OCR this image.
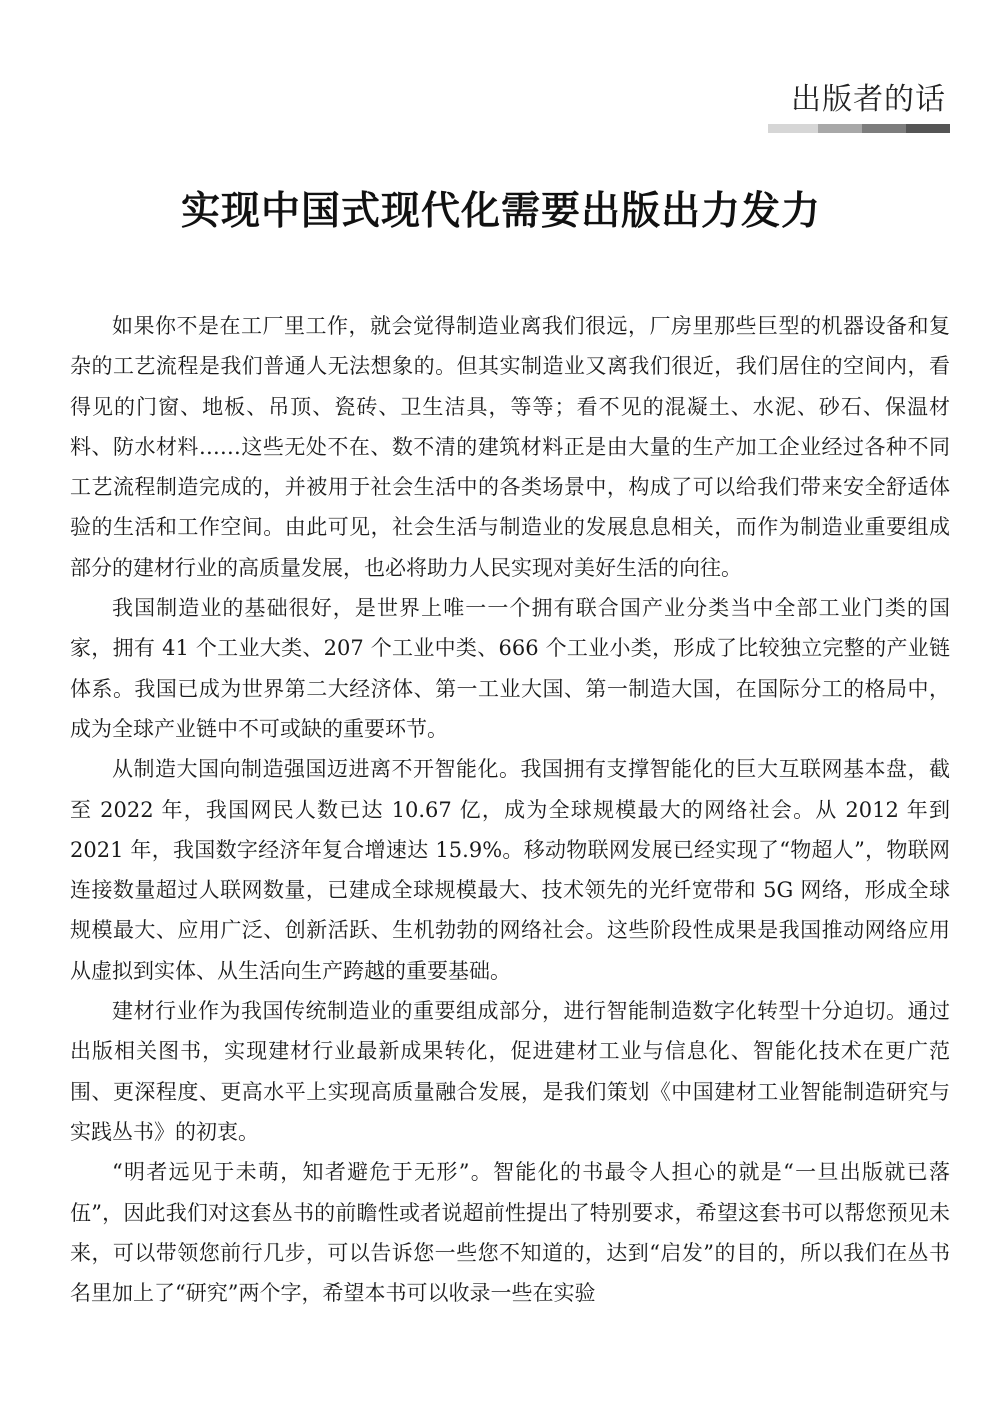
出版者的话
实现中国式现代化需要出版出力发力

如果你不是在工厂里工作，就会觉得制造业离我们很远，厂房里那些巨型的机器设备和复杂的工艺流程是我们普通人无法想象的。但其实制造业又离我们很近，我们居住的空间内，看得见的门窗、地板、吊顶、瓷砖、卫生洁具，等等；看不见的混凝土、水泥、砂石、保温材料、防水材料……这些无处不在、数不清的建筑材料正是由大量的生产加工企业经过各种不同工艺流程制造完成的，并被用于社会生活中的各类场景中，构成了可以给我们带来安全舒适体验的生活和工作空间。由此可见，社会生活与制造业的发展息息相关，而作为制造业重要组成部分的建材行业的高质量发展，也必将助力人民实现对美好生活的向往。

我国制造业的基础很好，是世界上唯一一个拥有联合国产业分类当中全部工业门类的国家，拥有 41 个工业大类、207 个工业中类、666 个工业小类，形成了比较独立完整的产业链体系。我国已成为世界第二大经济体、第一工业大国、第一制造大国，在国际分工的格局中，成为全球产业链中不可或缺的重要环节。

从制造大国向制造强国迈进离不开智能化。我国拥有支撑智能化的巨大互联网基本盘，截至 2022 年，我国网民人数已达 10.67 亿，成为全球规模最大的网络社会。从 2012 年到 2021 年，我国数字经济年复合增速达 15.9%。移动物联网发展已经实现了“物超人”，物联网连接数量超过人联网数量，已建成全球规模最大、技术领先的光纤宽带和 5G 网络，形成全球规模最大、应用广泛、创新活跃、生机勃勃的网络社会。这些阶段性成果是我国推动网络应用从虚拟到实体、从生活向生产跨越的重要基础。

建材行业作为我国传统制造业的重要组成部分，进行智能制造数字化转型十分迫切。通过出版相关图书，实现建材行业最新成果转化，促进建材工业与信息化、智能化技术在更广范围、更深程度、更高水平上实现高质量融合发展，是我们策划《中国建材工业智能制造研究与实践丛书》的初衷。

“明者远见于未萌，知者避危于无形”。智能化的书最令人担心的就是“一旦出版就已落伍”，因此我们对这套丛书的前瞻性或者说超前性提出了特别要求，希望这套书可以帮您预见未来，可以带领您前行几步，可以告诉您一些您不知道的，达到“启发”的目的，所以我们在丛书名里加上了“研究”两个字，希望本书可以收录一些在实验
